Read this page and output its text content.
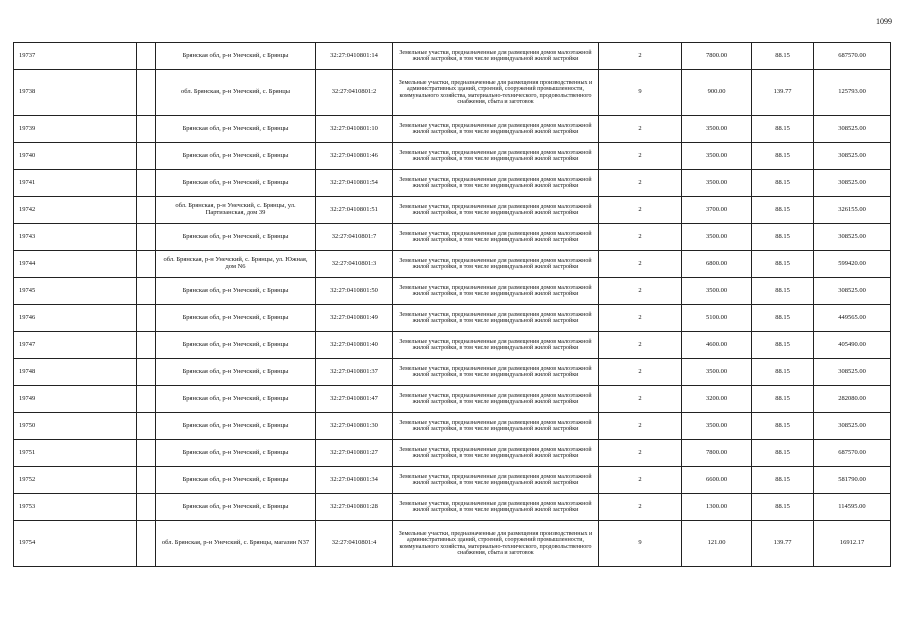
1099
19737		Брянская обл, р-н Унечский, с Брянцы	32:27:0410801:14	Земельные участки, предназначенные для размещения домов малоэтажной жилой застройки, в том числе индивидуальной жилой застройки	2	7800.00	88.15	687570.00
19738		обл. Брянская, р-н Унечский, с. Брянцы	32:27:0410801:2	Земельные участки, предназначенные для размещения производственных и административных зданий, строений, сооружений промышленности, коммунального хозяйства, материально-технического, продовольственного снабжения, сбыта и заготовок	9	900.00	139.77	125793.00
19739		Брянская обл, р-н Унечский, с Брянцы	32:27:0410801:10	Земельные участки, предназначенные для размещения домов малоэтажной жилой застройки, в том числе индивидуальной жилой застройки	2	3500.00	88.15	308525.00
19740		Брянская обл, р-н Унечский, с Брянцы	32:27:0410801:46	Земельные участки, предназначенные для размещения домов малоэтажной жилой застройки, в том числе индивидуальной жилой застройки	2	3500.00	88.15	308525.00
19741		Брянская обл, р-н Унечский, с Брянцы	32:27:0410801:54	Земельные участки, предназначенные для размещения домов малоэтажной жилой застройки, в том числе индивидуальной жилой застройки	2	3500.00	88.15	308525.00
19742		обл. Брянская, р-н Унечский, с. Брянцы, ул. Партизанская, дом 39	32:27:0410801:51	Земельные участки, предназначенные для размещения домов малоэтажной жилой застройки, в том числе индивидуальной жилой застройки	2	3700.00	88.15	326155.00
19743		Брянская обл, р-н Унечский, с Брянцы	32:27:0410801:7	Земельные участки, предназначенные для размещения домов малоэтажной жилой застройки, в том числе индивидуальной жилой застройки	2	3500.00	88.15	308525.00
19744		обл. Брянская, р-н Унечский, с. Брянцы, ул. Южная, дом N6	32:27:0410801:3	Земельные участки, предназначенные для размещения домов малоэтажной жилой застройки, в том числе индивидуальной жилой застройки	2	6800.00	88.15	599420.00
19745		Брянская обл, р-н Унечский, с Брянцы	32:27:0410801:50	Земельные участки, предназначенные для размещения домов малоэтажной жилой застройки, в том числе индивидуальной жилой застройки	2	3500.00	88.15	308525.00
19746		Брянская обл, р-н Унечский, с Брянцы	32:27:0410801:49	Земельные участки, предназначенные для размещения домов малоэтажной жилой застройки, в том числе индивидуальной жилой застройки	2	5100.00	88.15	449565.00
19747		Брянская обл, р-н Унечский, с Брянцы	32:27:0410801:40	Земельные участки, предназначенные для размещения домов малоэтажной жилой застройки, в том числе индивидуальной жилой застройки	2	4600.00	88.15	405490.00
19748		Брянская обл, р-н Унечский, с Брянцы	32:27:0410801:37	Земельные участки, предназначенные для размещения домов малоэтажной жилой застройки, в том числе индивидуальной жилой застройки	2	3500.00	88.15	308525.00
19749		Брянская обл, р-н Унечский, с Брянцы	32:27:0410801:47	Земельные участки, предназначенные для размещения домов малоэтажной жилой застройки, в том числе индивидуальной жилой застройки	2	3200.00	88.15	282080.00
19750		Брянская обл, р-н Унечский, с Брянцы	32:27:0410801:30	Земельные участки, предназначенные для размещения домов малоэтажной жилой застройки, в том числе индивидуальной жилой застройки	2	3500.00	88.15	308525.00
19751		Брянская обл, р-н Унечский, с Брянцы	32:27:0410801:27	Земельные участки, предназначенные для размещения домов малоэтажной жилой застройки, в том числе индивидуальной жилой застройки	2	7800.00	88.15	687570.00
19752		Брянская обл, р-н Унечский, с Брянцы	32:27:0410801:34	Земельные участки, предназначенные для размещения домов малоэтажной жилой застройки, в том числе индивидуальной жилой застройки	2	6600.00	88.15	581790.00
19753		Брянская обл, р-н Унечский, с Брянцы	32:27:0410801:28	Земельные участки, предназначенные для размещения домов малоэтажной жилой застройки, в том числе индивидуальной жилой застройки	2	1300.00	88.15	114595.00
19754		обл. Брянская, р-н Унечский, с. Брянцы, магазин N37	32:27:0410801:4	Земельные участки, предназначенные для размещения производственных и административных зданий, строений, сооружений промышленности, коммунального хозяйства, материально-технического, продовольственного снабжения, сбыта и заготовок	9	121.00	139.77	16912.17
